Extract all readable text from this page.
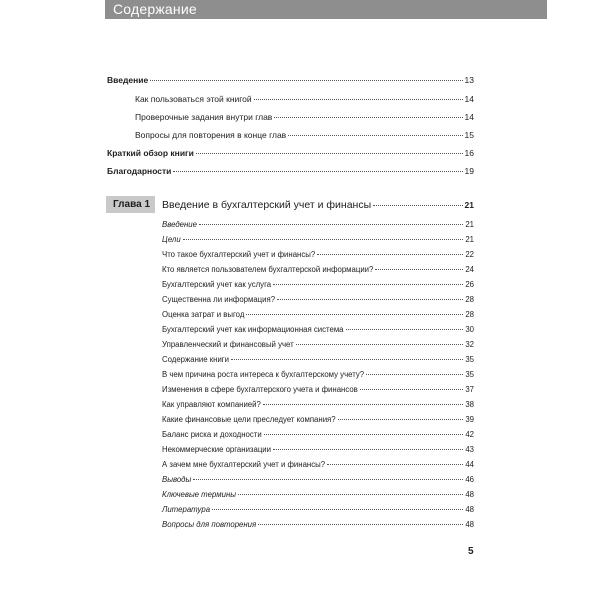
Содержание
Введение	13
Как пользоваться этой книгой	14
Проверочные задания внутри глав	14
Вопросы для повторения в конце глав	15
Краткий обзор книги	16
Благодарности	19
Глава 1 Введение в бухгалтерский учет и финансы	21
Введение	21
Цели	21
Что такое бухгалтерский учет и финансы?	22
Кто является пользователем бухгалтерской информации?	24
Бухгалтерский учет как услуга	26
Существенна ли информация?	28
Оценка затрат и выгод	28
Бухгалтерский учет как информационная система	30
Управленческий и финансовый учет	32
Содержание книги	35
В чем причина роста интереса к бухгалтерскому учету?	35
Изменения в сфере бухгалтерского учета и финансов	37
Как управляют компанией?	38
Какие финансовые цели преследует компания?	39
Баланс риска и доходности	42
Некоммерческие организации	43
А зачем мне бухгалтерский учет и финансы?	44
Выводы	46
Ключевые термины	48
Литература	48
Вопросы для повторения	48
5
